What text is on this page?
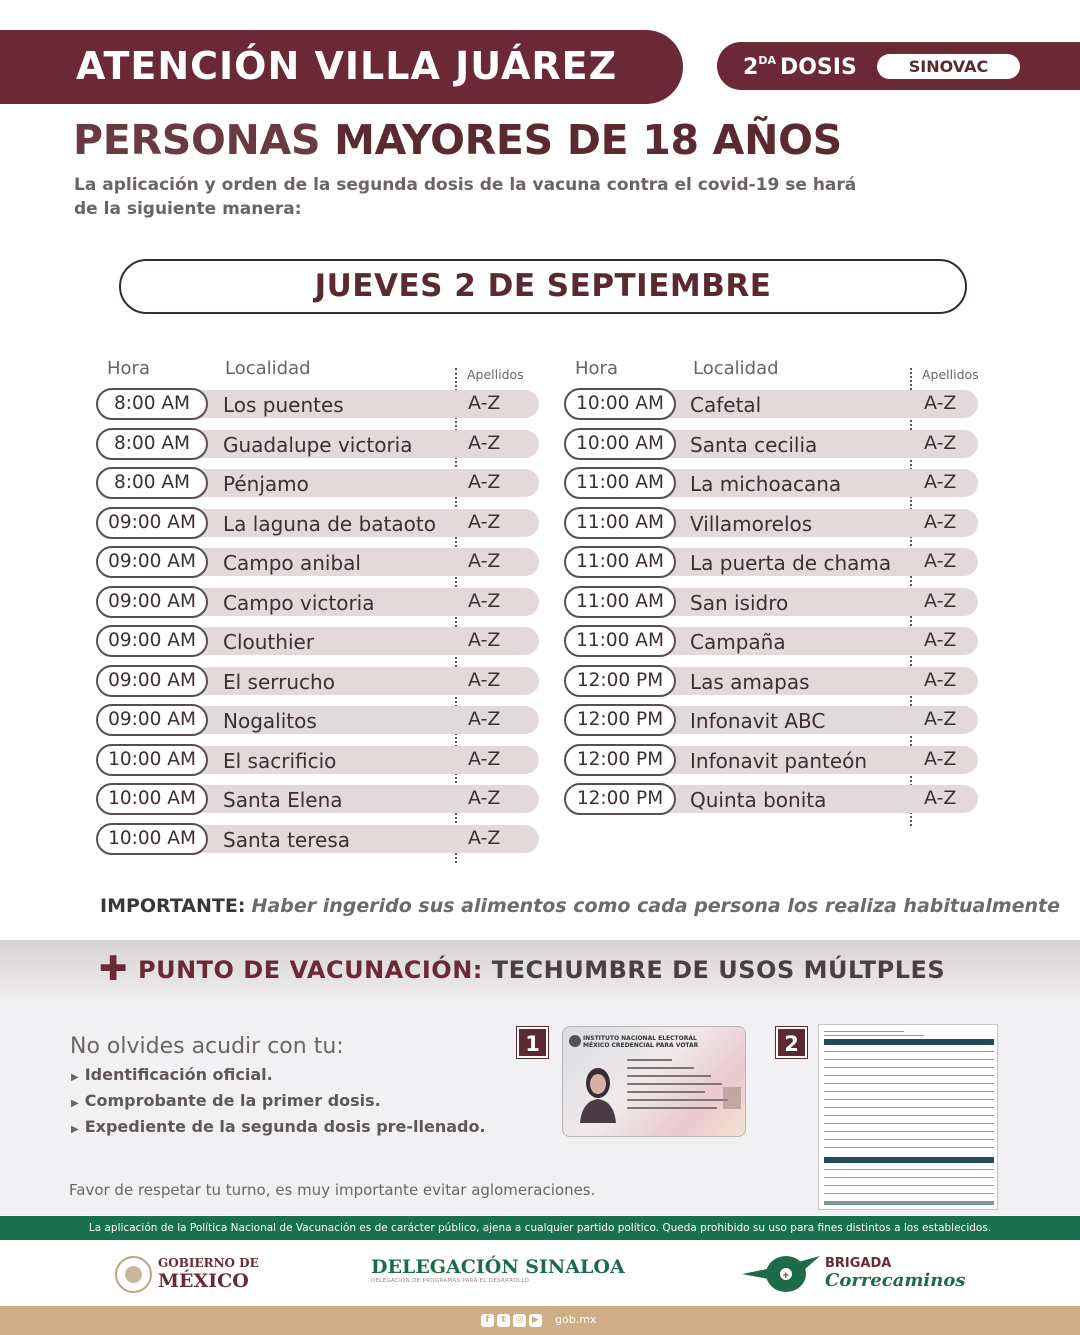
ATENCIÓN VILLA JUÁREZ	$2^{DA}$ DOSIS	SINOVAC
PERSONAS MAYORES DE 18 AÑOS
La aplicación y orden de la segunda dosis de la vacuna contra el covid-19 se hará de la siguiente manera:
JUEVES 2 DE SEPTIEMBRE
Hora	Localidad	Apellidos
8:00 AM	Los puentes	A-Z
8:00 AM	Guadalupe victoria	A-Z
8:00 AM	Pénjamo	A-Z
09:00 AM	La laguna de bataoto A-Z
09:00 AM	Campo anibal	A-Z
09:00 AM	Campo victoria	A-Z
09:00 AM	Clouthier	A-Z
09:00 AM	El serrucho	A-Z
09:00 AM	Nogalitos	A-Z
10:00 AM	El sacrificio	A-Z
10:00 AM	Santa Elena	A-Z
10:00 AM	Santa teresa	A-Z
Hora	Localidad	Apellidos
10:00 AM	Cafetal	A-Z
10:00 AM	Santa cecilia	A-Z
11:00 AM	La michoacana	A-Z
11:00 AM	Villamorelos	A-Z
11:00 AM	La puerta de chama A-Z
11:00 AM	San isidro	A-Z
11:00 AM	Campaña	A-Z
12:00 PM	Las amapas	A-Z
12:00 PM	Infonavit ABC	A-Z
12:00 PM	Infonavit panteón	A-Z
12:00 PM	Quinta bonita	A-Z
IMPORTANTE: Haber ingerido sus alimentos como cada persona los realiza habitualmente
✚ PUNTO DE VACUNACIÓN: TECHUMBRE DE USOS MÚLTPLES
No olvides acudir con tu:
▶ Identificación oficial.
▶ Comprobante de la primer dosis.
▶ Expediente de la segunda dosis pre-llenado.
Favor de respetar tu turno, es muy importante evitar aglomeraciones.
1	2
INSTITUTO NACIONAL ELECTORAL
MÉXICO CREDENCIAL PARA VOTAR
La aplicación de la Política Nacional de Vacunación es de carácter público, ajena a cualquier partido político. Queda prohibido su uso para fines distintos a los establecidos.
GOBIERNO DE
MÉXICO
DELEGACIÓN SINALOA
DELEGACIÓN DE PROGRAMAS PARA EL DESARROLLO	+
BRIGADA
Correcaminos
f	t	◎ ▶ gob.mx
